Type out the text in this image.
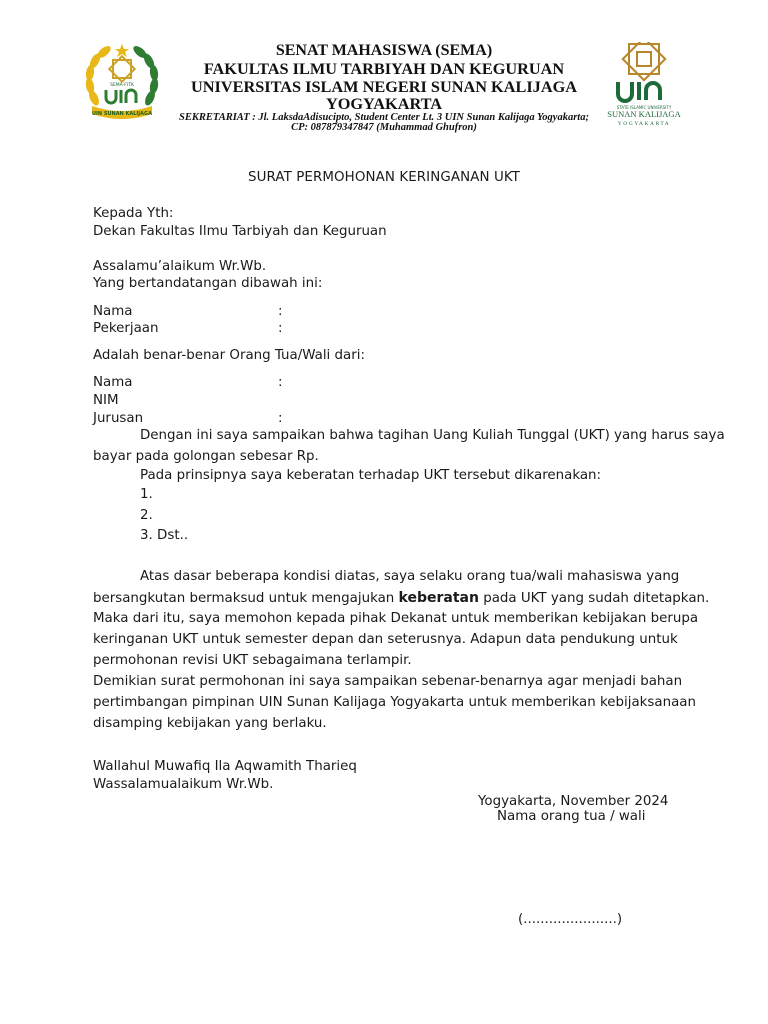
SEMA-FITK
UIN SUNAN KALIJAGA
SENAT MAHASISWA (SEMA)
FAKULTAS ILMU TARBIYAH DAN KEGURUAN
UNIVERSITAS ISLAM NEGERI SUNAN KALIJAGA
YOGYAKARTA
SEKRETARIAT : Jl. LaksdaAdisucipto, Student Center Lt. 3 UIN Sunan Kalijaga Yogyakarta;
CP: 087879347847 (Muhammad Ghufron)
STATE ISLAMIC UNIVERSITY
SUNAN KALIJAGA
YOGYAKARTA
SURAT PERMOHONAN KERINGANAN UKT
Kepada Yth:
Dekan Fakultas Ilmu Tarbiyah dan Keguruan
Assalamu’alaikum Wr.Wb.
Yang bertandatangan dibawah ini:
Nama	:
Pekerjaan	:
Adalah benar-benar Orang Tua/Wali dari:
Nama	:
NIM
Jurusan	:
Dengan ini saya sampaikan bahwa tagihan Uang Kuliah Tunggal (UKT) yang harus saya
bayar pada golongan sebesar Rp.
Pada prinsipnya saya keberatan terhadap UKT tersebut dikarenakan:
1.
2.
3. Dst..
Atas dasar beberapa kondisi diatas, saya selaku orang tua/wali mahasiswa yang
bersangkutan bermaksud untuk mengajukan keberatan pada UKT yang sudah ditetapkan.
Maka dari itu, saya memohon kepada pihak Dekanat untuk memberikan kebijakan berupa
keringanan UKT untuk semester depan dan seterusnya. Adapun data pendukung untuk
permohonan revisi UKT sebagaimana terlampir.
Demikian surat permohonan ini saya sampaikan sebenar-benarnya agar menjadi bahan
pertimbangan pimpinan UIN Sunan Kalijaga Yogyakarta untuk memberikan kebijaksanaan
disamping kebijakan yang berlaku.
Wallahul Muwafiq Ila Aqwamith Tharieq
Wassalamualaikum Wr.Wb.
Yogyakarta, November 2024
Nama orang tua / wali
(......................)
